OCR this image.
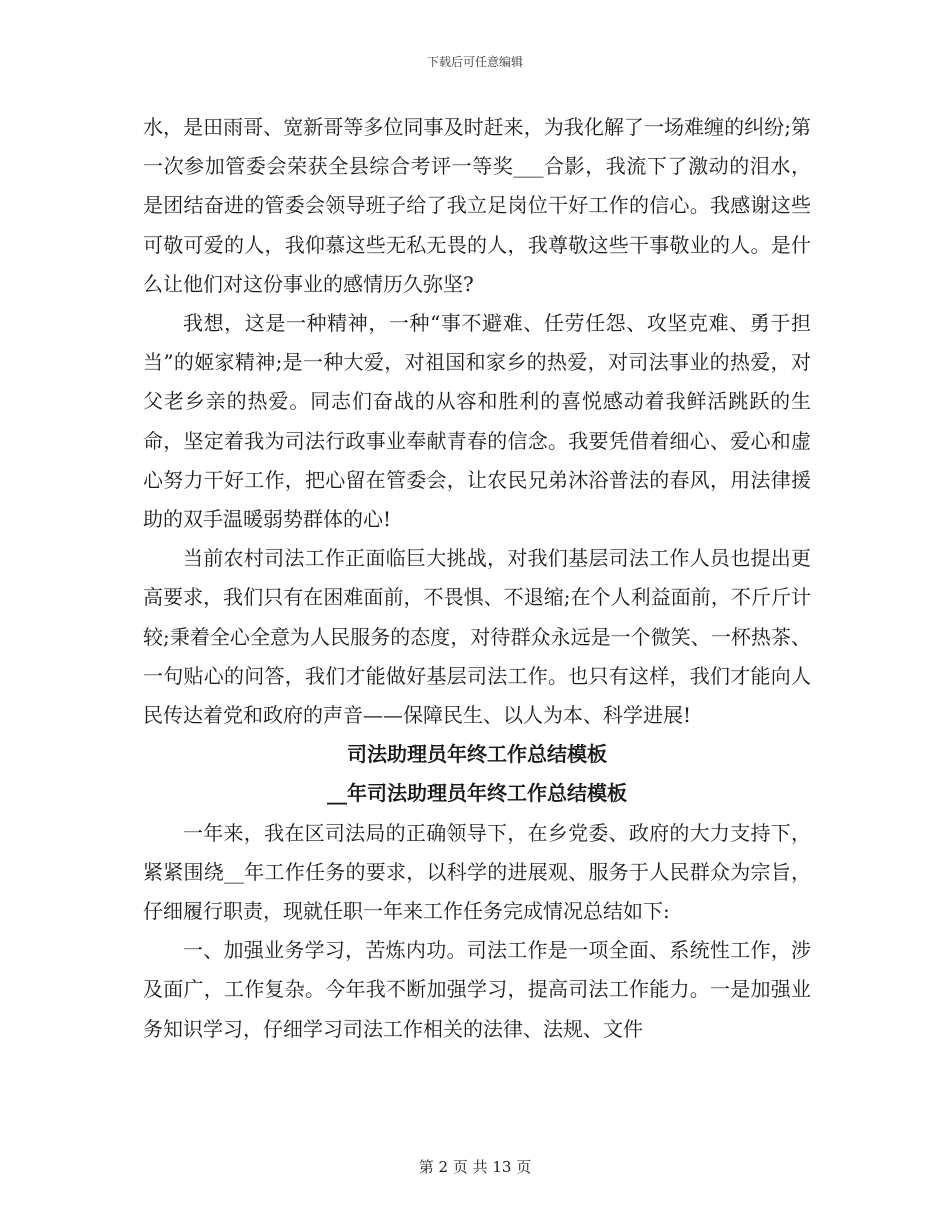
下载后可任意编辑

水，是田雨哥、宽新哥等多位同事及时赶来，为我化解了一场难缠的纠纷;第一次参加管委会荣获全县综合考评一等奖___合影，我流下了激动的泪水，是团结奋进的管委会领导班子给了我立足岗位干好工作的信心。我感谢这些可敬可爱的人，我仰慕这些无私无畏的人，我尊敬这些干事敬业的人。是什么让他们对这份事业的感情历久弥坚?

我想，这是一种精神，一种“事不避难、任劳任怨、攻坚克难、勇于担当”的姬家精神;是一种大爱，对祖国和家乡的热爱，对司法事业的热爱，对父老乡亲的热爱。同志们奋战的从容和胜利的喜悦感动着我鲜活跳跃的生命，坚定着我为司法行政事业奉献青春的信念。我要凭借着细心、爱心和虚心努力干好工作，把心留在管委会，让农民兄弟沐浴普法的春风，用法律援助的双手温暖弱势群体的心!

当前农村司法工作正面临巨大挑战，对我们基层司法工作人员也提出更高要求，我们只有在困难面前，不畏惧、不退缩;在个人利益面前，不斤斤计较;秉着全心全意为人民服务的态度，对待群众永远是一个微笑、一杯热茶、一句贴心的问答，我们才能做好基层司法工作。也只有这样，我们才能向人民传达着党和政府的声音——保障民生、以人为本、科学进展!

司法助理员年终工作总结模板

__年司法助理员年终工作总结模板

一年来，我在区司法局的正确领导下，在乡党委、政府的大力支持下，紧紧围绕__年工作任务的要求，以科学的进展观、服务于人民群众为宗旨，仔细履行职责，现就任职一年来工作任务完成情况总结如下:

一、加强业务学习，苦炼内功。司法工作是一项全面、系统性工作，涉及面广，工作复杂。今年我不断加强学习，提高司法工作能力。一是加强业务知识学习，仔细学习司法工作相关的法律、法规、文件

第 2 页 共 13 页
